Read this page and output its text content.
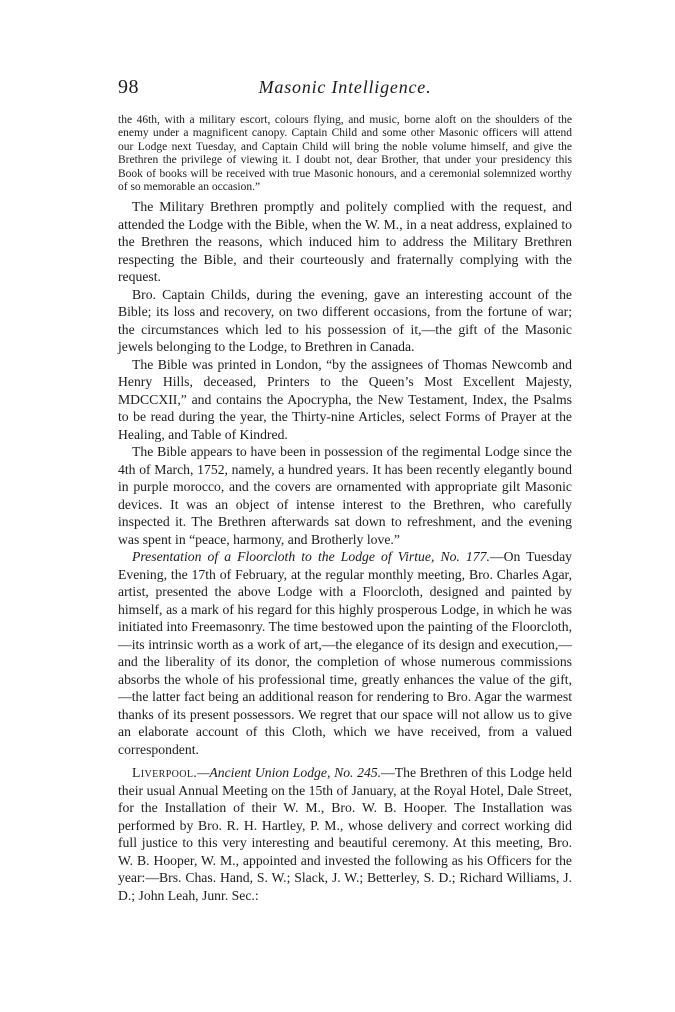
98	Masonic Intelligence.

the 46th, with a military escort, colours flying, and music, borne aloft on the shoulders of the enemy under a magnificent canopy. Captain Child and some other Masonic officers will attend our Lodge next Tuesday, and Captain Child will bring the noble volume himself, and give the Brethren the privilege of viewing it. I doubt not, dear Brother, that under your presidency this Book of books will be received with true Masonic honours, and a ceremonial solemnized worthy of so memorable an occasion.”

The Military Brethren promptly and politely complied with the request, and attended the Lodge with the Bible, when the W. M., in a neat address, explained to the Brethren the reasons, which induced him to address the Military Brethren respecting the Bible, and their courteously and fraternally complying with the request.

Bro. Captain Childs, during the evening, gave an interesting account of the Bible; its loss and recovery, on two different occasions, from the fortune of war; the circumstances which led to his possession of it,—the gift of the Masonic jewels belonging to the Lodge, to Brethren in Canada.

The Bible was printed in London, “by the assignees of Thomas Newcomb and Henry Hills, deceased, Printers to the Queen’s Most Excellent Majesty, MDCCXII,” and contains the Apocrypha, the New Testament, Index, the Psalms to be read during the year, the Thirty-nine Articles, select Forms of Prayer at the Healing, and Table of Kindred.

The Bible appears to have been in possession of the regimental Lodge since the 4th of March, 1752, namely, a hundred years. It has been recently elegantly bound in purple morocco, and the covers are ornamented with appropriate gilt Masonic devices. It was an object of intense interest to the Brethren, who carefully inspected it. The Brethren afterwards sat down to refreshment, and the evening was spent in “peace, harmony, and Brotherly love.”

Presentation of a Floorcloth to the Lodge of Virtue, No. 177.—On Tuesday Evening, the 17th of February, at the regular monthly meeting, Bro. Charles Agar, artist, presented the above Lodge with a Floorcloth, designed and painted by himself, as a mark of his regard for this highly prosperous Lodge, in which he was initiated into Freemasonry. The time bestowed upon the painting of the Floorcloth,—its intrinsic worth as a work of art,—the elegance of its design and execution,—and the liberality of its donor, the completion of whose numerous commissions absorbs the whole of his professional time, greatly enhances the value of the gift,—the latter fact being an additional reason for rendering to Bro. Agar the warmest thanks of its present possessors. We regret that our space will not allow us to give an elaborate account of this Cloth, which we have received, from a valued correspondent.

Liverpool.—Ancient Union Lodge, No. 245.—The Brethren of this Lodge held their usual Annual Meeting on the 15th of January, at the Royal Hotel, Dale Street, for the Installation of their W. M., Bro. W. B. Hooper. The Installation was performed by Bro. R. H. Hartley, P. M., whose delivery and correct working did full justice to this very interesting and beautiful ceremony. At this meeting, Bro. W. B. Hooper, W. M., appointed and invested the following as his Officers for the year:—Brs. Chas. Hand, S. W.; Slack, J. W.; Betterley, S. D.; Richard Williams, J. D.; John Leah, Junr. Sec.:
